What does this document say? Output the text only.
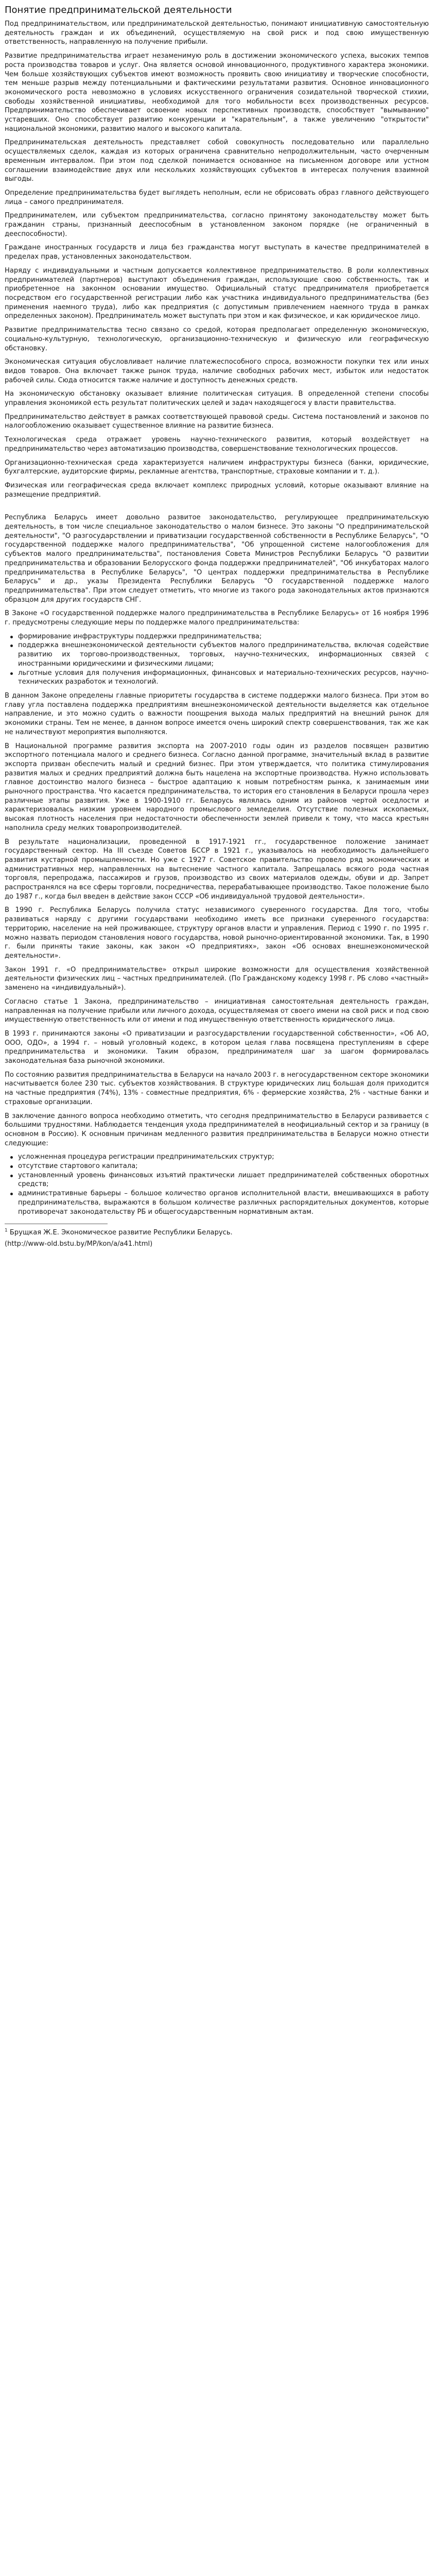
Понятие предпринимательской деятельности

Под предпринимательством, или предпринимательской деятельностью, понимают инициативную самостоятельную деятельность граждан и их объединений, осуществляемую на свой риск и под свою имущественную ответственность, направленную на получение прибыли.

Развитие предпринимательства играет незаменимую роль в достижении экономического успеха, высоких темпов роста производства товаров и услуг. Она является основой инновационного, продуктивного характера экономики. Чем больше хозяйствующих субъектов имеют возможность проявить свою инициативу и творческие способности, тем меньше разрыв между потенциальными и фактическими результатами развития. Основное инновационного экономического роста невозможно в условиях искусственного ограничения созидательной творческой стихии, свободы хозяйственной инициативы, необходимой для того мобильности всех производственных ресурсов. Предпринимательство обеспечивает освоение новых перспективных производств, способствует "вымыванию" устаревших. Оно способствует развитию конкуренции и "карательным", а также увеличению "открытости" национальной экономики, развитию малого и высокого капитала.

Предпринимательская деятельность представляет собой совокупность последовательно или параллельно осуществляемых сделок, каждая из которых ограничена сравнительно непродолжительным, часто очерченным временным интервалом. При этом под сделкой понимается основанное на письменном договоре или устном соглашении взаимодействие двух или нескольких хозяйствующих субъектов в интересах получения взаимной выгоды.

Определение предпринимательства будет выглядеть неполным, если не обрисовать образ главного действующего лица – самого предпринимателя.

Предпринимателем, или субъектом предпринимательства, согласно принятому законодательству может быть гражданин страны, признанный дееспособным в установленном законом порядке (не ограниченный в дееспособности).

Граждане иностранных государств и лица без гражданства могут выступать в качестве предпринимателей в пределах прав, установленных законодательством.

Наряду с индивидуальными и частным допускается коллективное предпринимательство. В роли коллективных предпринимателей (партнеров) выступают объединения граждан, использующие свою собственность, так и приобретенное на законном основании имущество. Официальный статус предпринимателя приобретается посредством его государственной регистрации либо как участника индивидуального предпринимательства (без применения наемного труда), либо как предприятия (с допустимым привлечением наемного труда в рамках определенных законом). Предприниматель может выступать при этом и как физическое, и как юридическое лицо.

Развитие предпринимательства тесно связано со средой, которая предполагает определенную экономическую, социально-культурную, технологическую, организационно-техническую и физическую или географическую обстановку.

Экономическая ситуация обусловливает наличие платежеспособного спроса, возможности покупки тех или иных видов товаров. Она включает также рынок труда, наличие свободных рабочих мест, избыток или недостаток рабочей силы. Сюда относится также наличие и доступность денежных средств.

На экономическую обстановку оказывает влияние политическая ситуация. В определенной степени способы управления экономикой есть результат политических целей и задач находящегося у власти правительства.

Предпринимательство действует в рамках соответствующей правовой среды. Система постановлений и законов по налогообложению оказывает существенное влияние на развитие бизнеса.

Технологическая среда отражает уровень научно-технического развития, который воздействует на предпринимательство через автоматизацию производства, совершенствование технологических процессов.

Организационно-техническая среда характеризуется наличием инфраструктуры бизнеса (банки, юридические, бухгалтерские, аудиторские фирмы, рекламные агентства, транспортные, страховые компании и т. д.).

Физическая или географическая среда включает комплекс природных условий, которые оказывают влияние на размещение предприятий.

Республика Беларусь имеет довольно развитое законодательство, регулирующее предпринимательскую деятельность, в том числе специальное законодательство о малом бизнесе. Это законы "О предпринимательской деятельности", "О разгосударствлении и приватизации государственной собственности в Республике Беларусь", "О государственной поддержке малого предпринимательства", "Об упрощенной системе налогообложения для субъектов малого предпринимательства", постановления Совета Министров Республики Беларусь "О развитии предпринимательства и образовании Белорусского фонда поддержки предпринимателей", "Об инкубаторах малого предпринимательства в Республике Беларусь", "О центрах поддержки предпринимательства в Республике Беларусь" и др., указы Президента Республики Беларусь "О государственной поддержке малого предпринимательства". При этом следует отметить, что многие из такого рода законодательных актов признаются образцом для других государств СНГ.

В Законе «О государственной поддержке малого предпринимательства в Республике Беларусь» от 16 ноября 1996 г. предусмотрены следующие меры по поддержке малого предпринимательства:

формирование инфраструктуры поддержки предпринимательства;
поддержка внешнеэкономической деятельности субъектов малого предпринимательства, включая содействие развитию их торгово-производственных, торговых, научно-технических, информационных связей с иностранными юридическими и физическими лицами;
льготные условия для получения информационных, финансовых и материально-технических ресурсов, научно-технических разработок и технологий.

В данном Законе определены главные приоритеты государства в системе поддержки малого бизнеса. При этом во главу угла поставлена поддержка предприятиям внешнеэкономической деятельности выделяется как отдельное направление, и это можно судить о важности поощрения выхода малых предприятий на внешний рынок для экономики страны. Тем не менее, в данном вопросе имеется очень широкий спектр совершенствования, так же как не наличествуют мероприятия выполняются.

В Национальной программе развития экспорта на 2007-2010 годы один из разделов посвящен развитию экспортного потенциала малого и среднего бизнеса. Согласно данной программе, значительный вклад в развитие экспорта призван обеспечить малый и средний бизнес. При этом утверждается, что политика стимулирования развития малых и средних предприятий должна быть нацелена на экспортные производства. Нужно использовать главное достоинство малого бизнеса – быстрое адаптацию к новым потребностям рынка, к занимаемым ими рыночного пространства. Что касается предпринимательства, то история его становления в Беларуси прошла через различные этапы развития. Уже в 1900-1910 гг. Беларусь являлась одним из районов чертой оседлости и характеризовалась низким уровнем народного промыслового земледелия. Отсутствие полезных ископаемых, высокая плотность населения при недостаточности обеспеченности землей привели к тому, что масса крестьян наполнила среду мелких товаропроизводителей.

В результате национализации, проведенной в 1917-1921 гг., государственное положение занимает государственный сектор. На III съезде Советов БССР в 1921 г., указывалось на необходимость дальнейшего развития кустарной промышленности. Но уже с 1927 г. Советское правительство провело ряд экономических и административных мер, направленных на вытеснение частного капитала. Запрещалась всякого рода частная торговля, перепродажа, пассажиров и грузов, производство из своих материалов одежды, обуви и др. Запрет распространялся на все сферы торговли, посредничества, перерабатывающее производство. Такое положение было до 1987 г., когда был введен в действие закон СССР «Об индивидуальной трудовой деятельности».

В 1990 г. Республика Беларусь получила статус независимого суверенного государства. Для того, чтобы развиваться наряду с другими государствами необходимо иметь все признаки суверенного государства: территорию, население на ней проживающее, структуру органов власти и управления. Период с 1990 г. по 1995 г. можно назвать периодом становления нового государства, новой рыночно-ориентированной экономики. Так, в 1990 г. были приняты такие законы, как закон «О предприятиях», закон «Об основах внешнеэкономической деятельности».

Закон 1991 г. «О предпринимательстве» открыл широкие возможности для осуществления хозяйственной деятельности физических лиц – частных предпринимателей. (По Гражданскому кодексу 1998 г. РБ слово «частный» заменено на «индивидуальный»).

Согласно статье 1 Закона, предпринимательство – инициативная самостоятельная деятельность граждан, направленная на получение прибыли или личного дохода, осуществляемая от своего имени на свой риск и под свою имущественную ответственность или от имени и под имущественную ответственность юридического лица.

В 1993 г. принимаются законы «О приватизации и разгосударствлении государственной собственности», «Об АО, ООО, ОДО», а 1994 г. – новый уголовный кодекс, в котором целая глава посвящена преступлениям в сфере предпринимательства и экономики. Таким образом, предпринимателя шаг за шагом формировалась законодательная база рыночной экономики.

По состоянию развития предпринимательства в Беларуси на начало 2003 г. в негосударственном секторе экономики насчитывается более 230 тыс. субъектов хозяйствования. В структуре юридических лиц большая доля приходится на частные предприятия (74%), 13% - совместные предприятия, 6% - фермерские хозяйства, 2% - частные банки и страховые организации.

В заключение данного вопроса необходимо отметить, что сегодня предпринимательство в Беларуси развивается с большими трудностями. Наблюдается тенденция ухода предпринимателей в неофициальный сектор и за границу (в основном в Россию). К основным причинам медленного развития предпринимательства в Беларуси можно отнести следующие:

усложненная процедура регистрации предпринимательских структур;
отсутствие стартового капитала;
установленный уровень финансовых изъятий практически лишает предпринимателей собственных оборотных средств;
административные барьеры – большое количество органов исполнительной власти, вмешивающихся в работу предпринимательства, выражаются в большом количестве различных распорядительных документов, которые противоречат законодательству РБ и общегосударственным нормативным актам.

$^1$ Брущкая Ж.Е. Экономическое развитие Республики Беларусь.

(http://www-old.bstu.by/MP/kon/a/a41.html)
